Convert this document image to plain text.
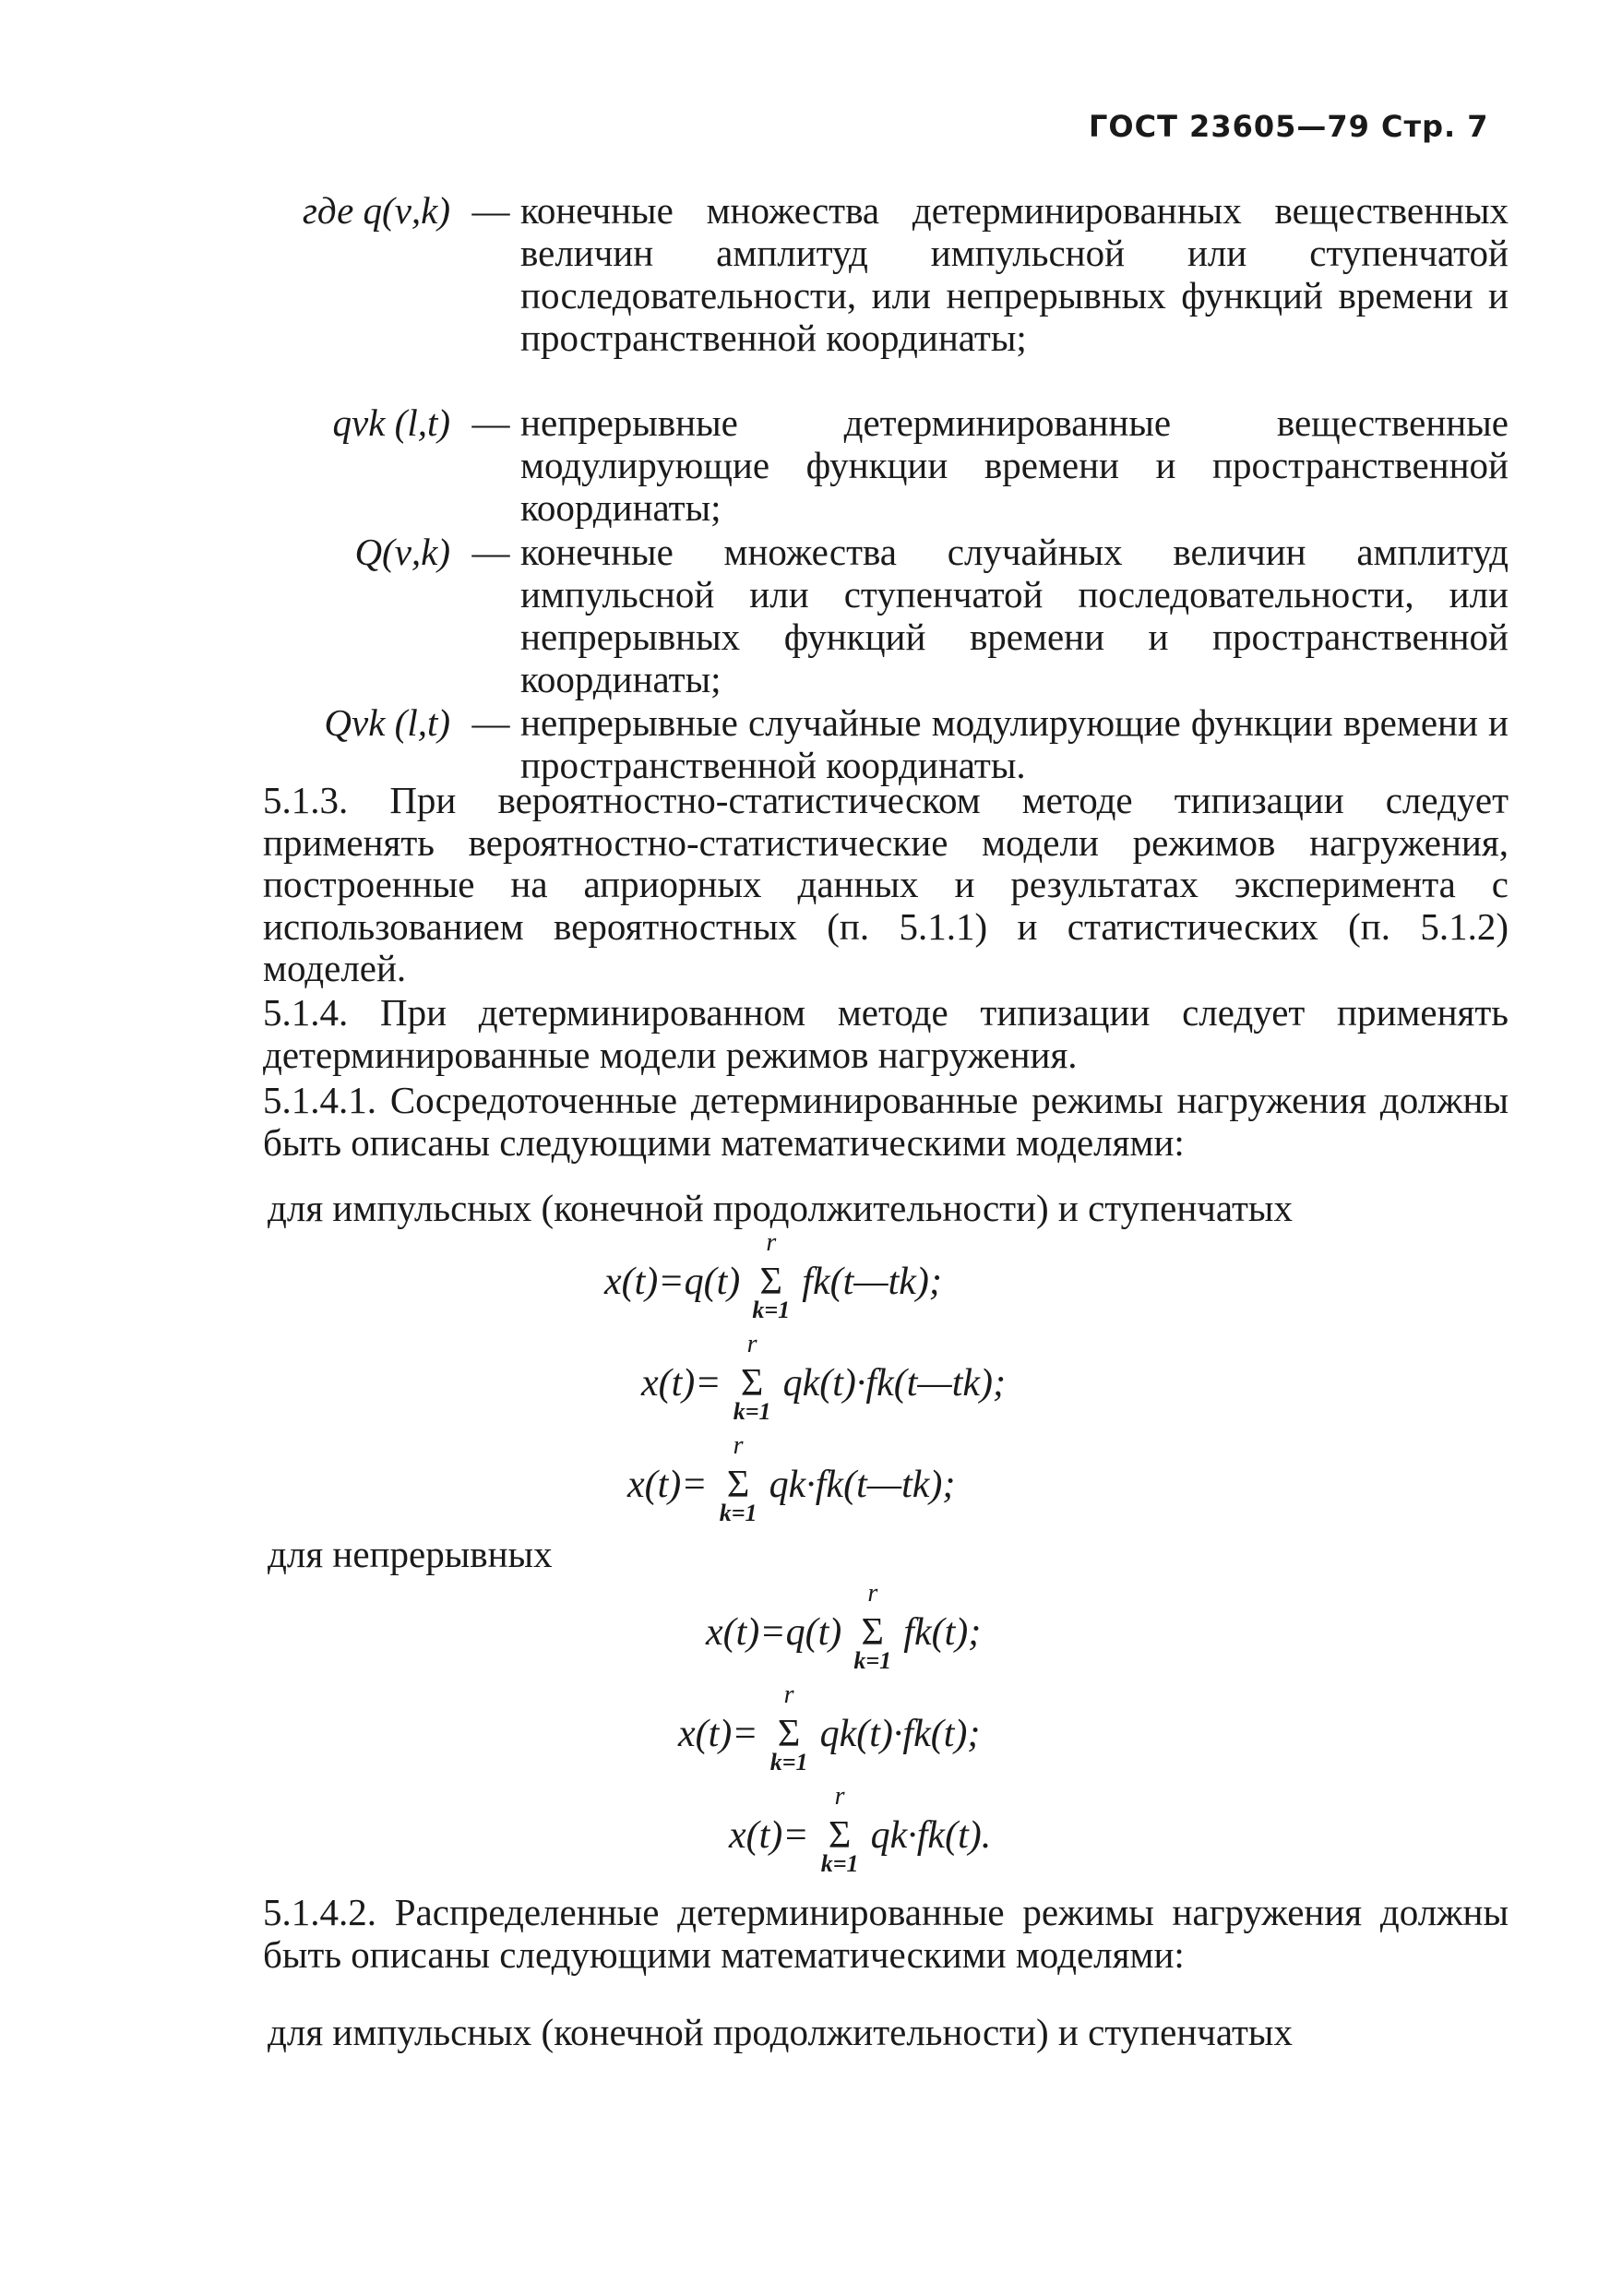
ГОСТ 23605—79 Стр. 7
где q(ν,k) — конечные множества детерминированных вещественных величин амплитуд импульсной или ступенчатой последовательности, или непрерывных функций времени и пространственной координаты;
qνk (l,t) — непрерывные детерминированные вещественные модулирующие функции времени и пространственной координаты;
Q(ν,k) — конечные множества случайных величин амплитуд импульсной или ступенчатой последовательности, или непрерывных функций времени и пространственной координаты;
Qνk (l,t) — непрерывные случайные модулирующие функции времени и пространственной координаты.
5.1.3. При вероятностно-статистическом методе типизации следует применять вероятностно-статистические модели режимов нагружения, построенные на априорных данных и результатах эксперимента с использованием вероятностных (п. 5.1.1) и статистических (п. 5.1.2) моделей.
5.1.4. При детерминированном методе типизации следует применять детерминированные модели режимов нагружения.
5.1.4.1. Сосредоточенные детерминированные режимы нагружения должны быть описаны следующими математическими моделями:
для импульсных (конечной продолжительности) и ступенчатых
x(t)=q(t)
r
Σ
k=1
fk(t—tk);
x(t)=
r
Σ
k=1
qk(t)·fk(t—tk);
x(t)=
r
Σ
k=1
qk·fk(t—tk);
для непрерывных
x(t)=q(t)
r
Σ
k=1
fk(t);
x(t)=
r
Σ
k=1
qk(t)·fk(t);
x(t)=
r
Σ
k=1
qk·fk(t).
5.1.4.2. Распределенные детерминированные режимы нагружения должны быть описаны следующими математическими моделями:
для импульсных (конечной продолжительности) и ступенчатых
